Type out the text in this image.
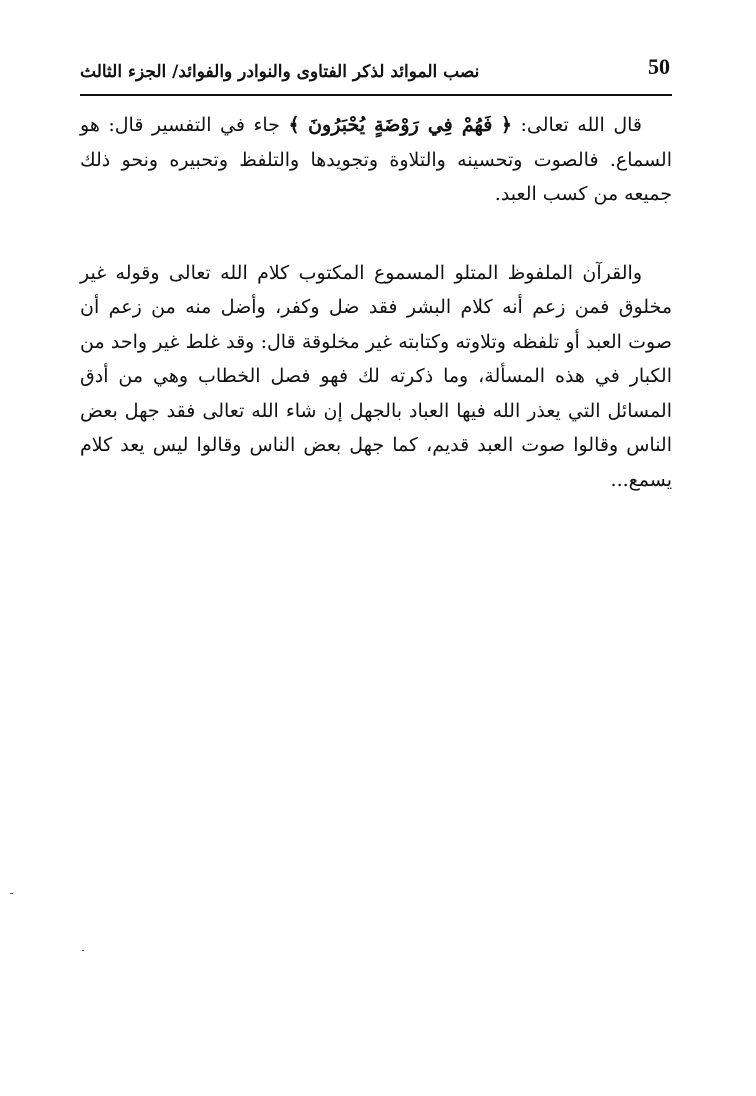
50
نصب الموائد لذكر الفتاوى والنوادر والفوائد/ الجزء الثالث

قال الله تعالى: ﴿ فَهُمْ فِي رَوْضَةٍ يُحْبَرُونَ ﴾ جاء في التفسير قال: هو السماع. فالصوت وتحسينه والتلاوة وتجويدها والتلفظ وتحبيره ونحو ذلك جميعه من كسب العبد.

والقرآن الملفوظ المتلو المسموع المكتوب كلام الله تعالى وقوله غير مخلوق فمن زعم أنه كلام البشر فقد ضل وكفر، وأضل منه من زعم أن صوت العبد أو تلفظه وتلاوته وكتابته غير مخلوقة قال: وقد غلط غير واحد من الكبار في هذه المسألة، وما ذكرته لك فهو فصل الخطاب وهي من أدق المسائل التي يعذر الله فيها العباد بالجهل إن شاء الله تعالى فقد جهل بعض الناس وقالوا صوت العبد قديم، كما جهل بعض الناس وقالوا ليس يعد كلام يسمع...
